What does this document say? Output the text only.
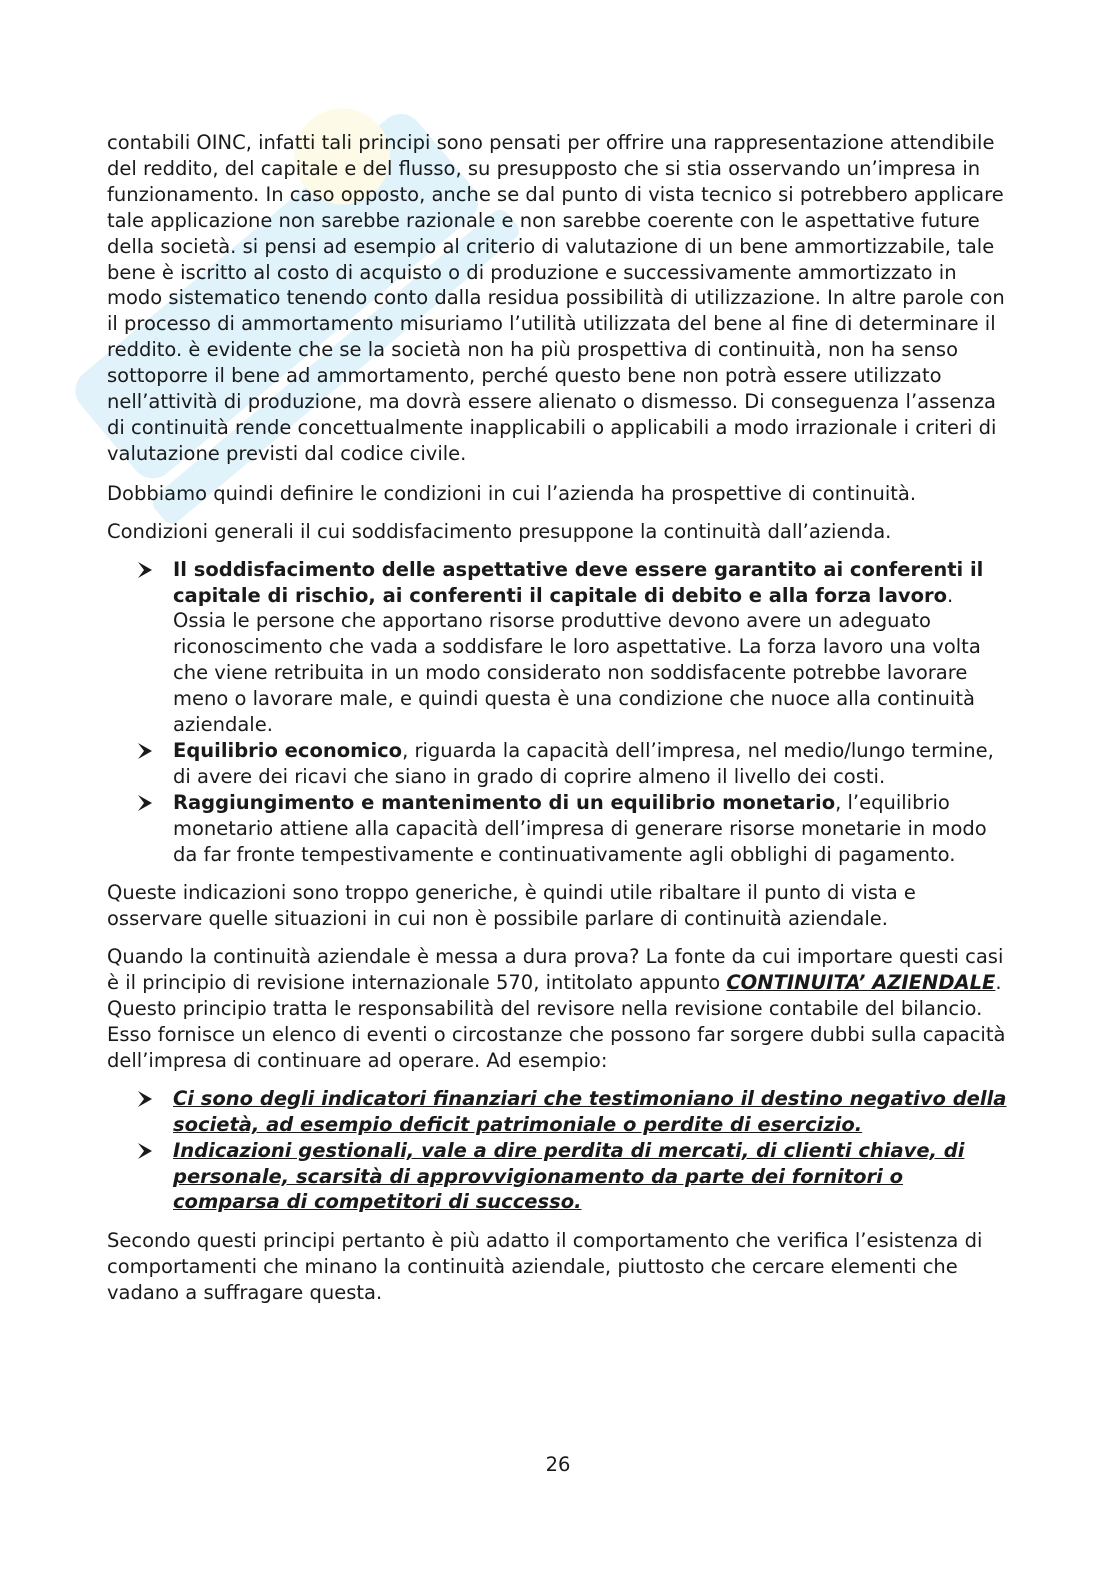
contabili OINC, infatti tali principi sono pensati per offrire una rappresentazione attendibile del reddito, del capitale e del flusso, su presupposto che si stia osservando un’impresa in funzionamento. In caso opposto, anche se dal punto di vista tecnico si potrebbero applicare tale applicazione non sarebbe razionale e non sarebbe coerente con le aspettative future della società. si pensi ad esempio al criterio di valutazione di un bene ammortizzabile, tale bene è iscritto al costo di acquisto o di produzione e successivamente ammortizzato in modo sistematico tenendo conto dalla residua possibilità di utilizzazione. In altre parole con il processo di ammortamento misuriamo l’utilità utilizzata del bene al fine di determinare il reddito. è evidente che se la società non ha più prospettiva di continuità, non ha senso sottoporre il bene ad ammortamento, perché questo bene non potrà essere utilizzato nell’attività di produzione, ma dovrà essere alienato o dismesso. Di conseguenza l’assenza di continuità rende concettualmente inapplicabili o applicabili a modo irrazionale i criteri di valutazione previsti dal codice civile.

Dobbiamo quindi definire le condizioni in cui l’azienda ha prospettive di continuità.

Condizioni generali il cui soddisfacimento presuppone la continuità dall’azienda.

Il soddisfacimento delle aspettative deve essere garantito ai conferenti il capitale di rischio, ai conferenti il capitale di debito e alla forza lavoro. Ossia le persone che apportano risorse produttive devono avere un adeguato riconoscimento che vada a soddisfare le loro aspettative. La forza lavoro una volta che viene retribuita in un modo considerato non soddisfacente potrebbe lavorare meno o lavorare male, e quindi questa è una condizione che nuoce alla continuità aziendale.
Equilibrio economico, riguarda la capacità dell’impresa, nel medio/lungo termine, di avere dei ricavi che siano in grado di coprire almeno il livello dei costi.
Raggiungimento e mantenimento di un equilibrio monetario, l’equilibrio monetario attiene alla capacità dell’impresa di generare risorse monetarie in modo da far fronte tempestivamente e continuativamente agli obblighi di pagamento.

Queste indicazioni sono troppo generiche, è quindi utile ribaltare il punto di vista e osservare quelle situazioni in cui non è possibile parlare di continuità aziendale.

Quando la continuità aziendale è messa a dura prova? La fonte da cui importare questi casi è il principio di revisione internazionale 570, intitolato appunto CONTINUITA’ AZIENDALE. Questo principio tratta le responsabilità del revisore nella revisione contabile del bilancio. Esso fornisce un elenco di eventi o circostanze che possono far sorgere dubbi sulla capacità dell’impresa di continuare ad operare. Ad esempio:

Ci sono degli indicatori finanziari che testimoniano il destino negativo della società, ad esempio deficit patrimoniale o perdite di esercizio.
Indicazioni gestionali, vale a dire perdita di mercati, di clienti chiave, di personale, scarsità di approvvigionamento da parte dei fornitori o comparsa di competitori di successo.

Secondo questi principi pertanto è più adatto il comportamento che verifica l’esistenza di comportamenti che minano la continuità aziendale, piuttosto che cercare elementi che vadano a suffragare questa.

26
